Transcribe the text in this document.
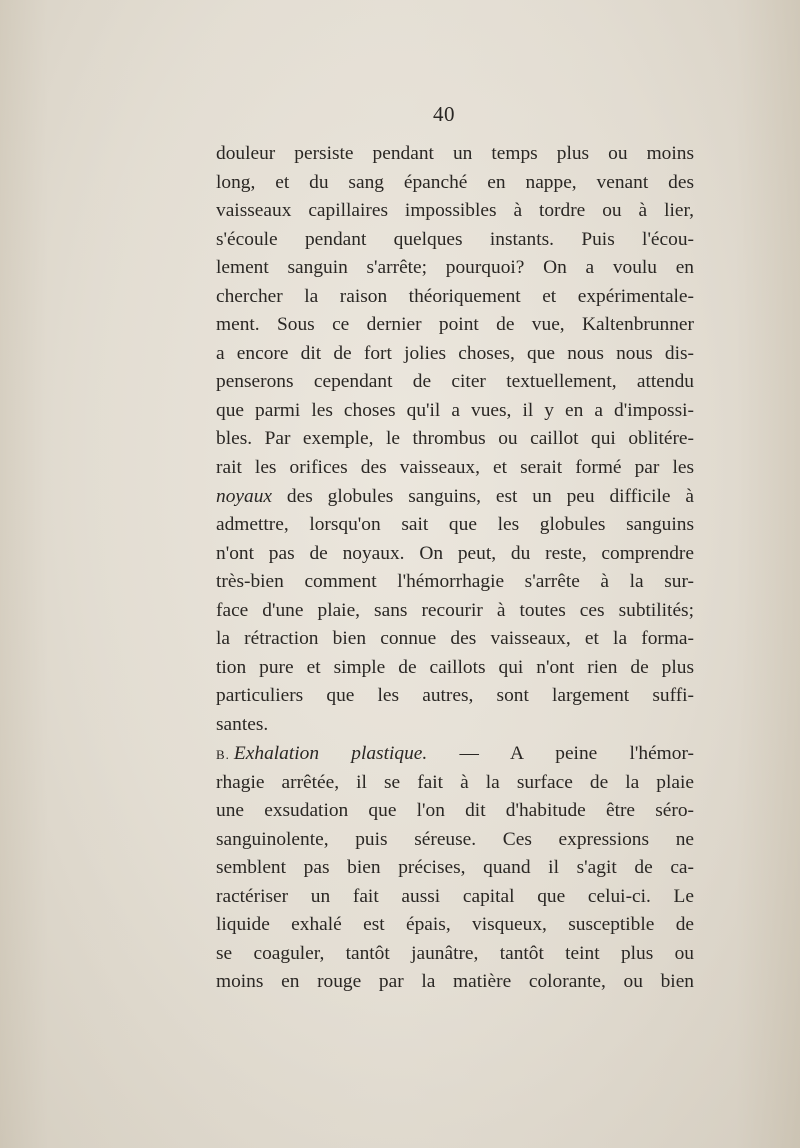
40
douleur persiste pendant un temps plus ou moins
long, et du sang épanché en nappe, venant des
vaisseaux capillaires impossibles à tordre ou à lier,
s'écoule pendant quelques instants. Puis l'écou-
lement sanguin s'arrête; pourquoi? On a voulu en
chercher la raison théoriquement et expérimentale-
ment. Sous ce dernier point de vue, Kaltenbrunner
a encore dit de fort jolies choses, que nous nous dis-
penserons cependant de citer textuellement, attendu
que parmi les choses qu'il a vues, il y en a d'impossi-
bles. Par exemple, le thrombus ou caillot qui oblitére-
rait les orifices des vaisseaux, et serait formé par les
noyaux des globules sanguins, est un peu difficile à
admettre, lorsqu'on sait que les globules sanguins
n'ont pas de noyaux. On peut, du reste, comprendre
très-bien comment l'hémorrhagie s'arrête à la sur-
face d'une plaie, sans recourir à toutes ces subtilités;
la rétraction bien connue des vaisseaux, et la forma-
tion pure et simple de caillots qui n'ont rien de plus
particuliers que les autres, sont largement suffi-
santes.
B. Exhalation plastique. — A peine l'hémor-
rhagie arrêtée, il se fait à la surface de la plaie
une exsudation que l'on dit d'habitude être séro-
sanguinolente, puis séreuse. Ces expressions ne
semblent pas bien précises, quand il s'agit de ca-
ractériser un fait aussi capital que celui-ci. Le
liquide exhalé est épais, visqueux, susceptible de
se coaguler, tantôt jaunâtre, tantôt teint plus ou
moins en rouge par la matière colorante, ou bien
